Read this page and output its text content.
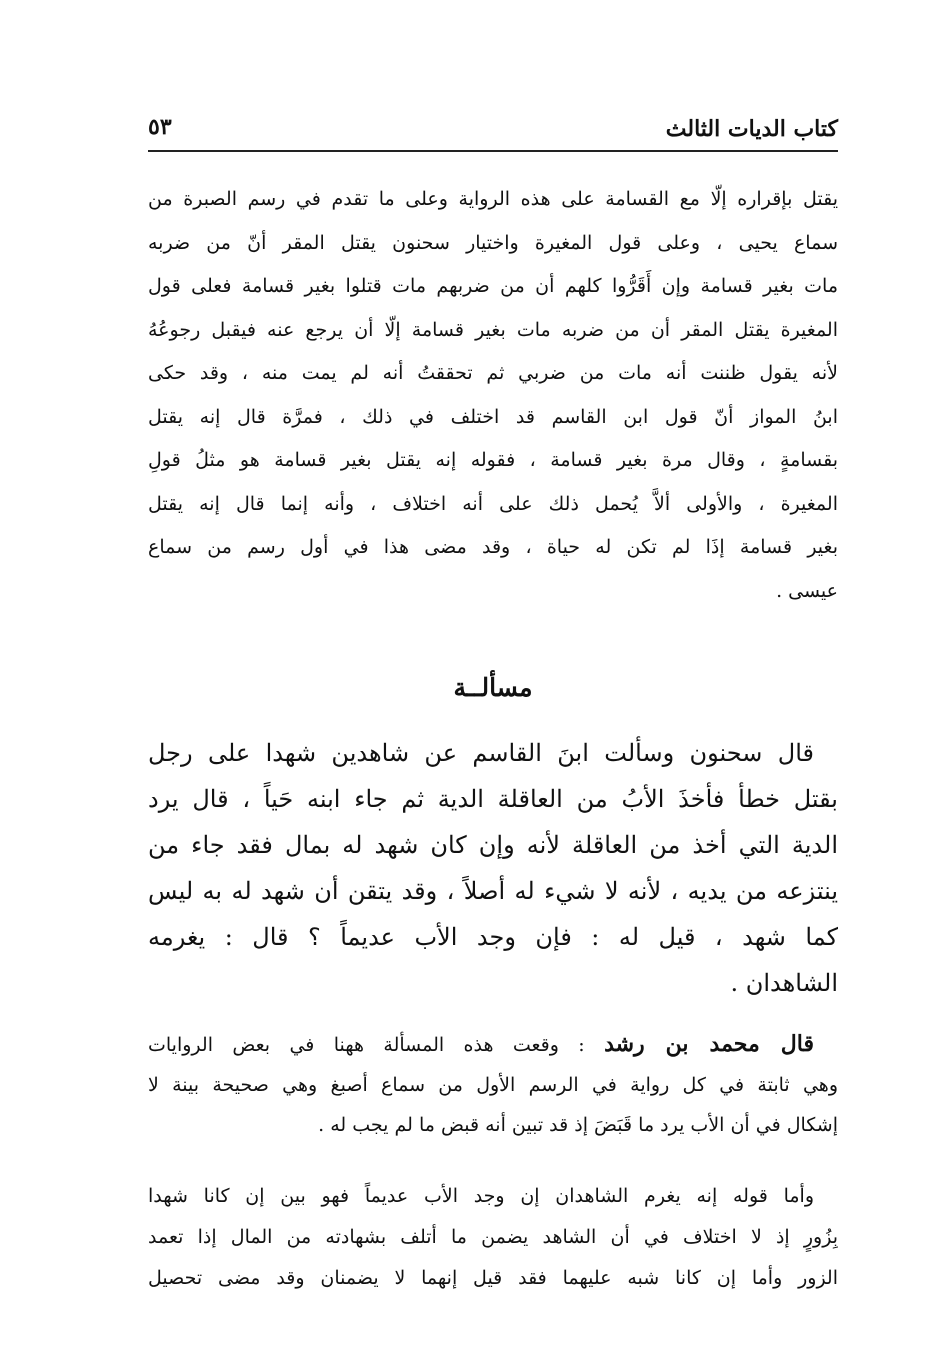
كتاب الديات الثالث
٥٣
يقتل بإقراره إلّا مع القسامة على هذه الرواية وعلى ما تقدم في رسم الصبرة من
سماع يحيى ، وعلى قول المغيرة واختيار سحنون يقتل المقر أنّ من ضربه
مات بغير قسامة وإن أَقَرُّوا كلهم أن من ضربهم مات قتلوا بغير قسامة فعلى قول
المغيرة يقتل المقر أن من ضربه مات بغير قسامة إلّا أن يرجع عنه فيقبل رجوعُهُ
لأنه يقول ظننت أنه مات من ضربي ثم تحققتُ أنه لم يمت منه ، وقد حكى
ابنُ المواز أنّ قول ابن القاسم قد اختلف في ذلك ، فمرَّة قال إنه يقتل
بقسامةٍ ، وقال مرة بغير قسامة ، فقوله إنه يقتل بغير قسامة هو مثلُ قولِ
المغيرة ، والأولى ألاَّ يُحمل ذلك على أنه اختلاف ، وأنه إنما قال إنه يقتل
بغير قسامة إذَا لم تكن له حياة ، وقد مضى هذا في أول رسم من سماع
عيسى .
مسألــة
قال سحنون وسألت ابنَ القاسم عن شاهدين شهدا على رجل
بقتل خطأ فأخذَ الأبُ من العاقلة الدية ثم جاء ابنه حَياً ، قال يرد
الدية التي أخذ من العاقلة لأنه وإن كان شهد له بمال فقد جاء من
ينتزعه من يديه ، لأنه لا شيء له أصلاً ، وقد يتقن أن شهد له به ليس
كما شهد ، قيل له : فإن وجد الأب عديماً ؟ قال : يغرمه
الشاهدان .
قال محمد بن رشد : وقعت هذه المسألة ههنا في بعض الروايات
وهي ثابتة في كل رواية في الرسم الأول من سماع أصبغ وهي صحيحة بينة لا
إشكال في أن الأب يرد ما قَبَضَ إذ قد تبين أنه قبض ما لم يجب له .
وأما قوله إنه يغرم الشاهدان إن وجد الأب عديماً فهو بين إن كانا شهدا
بِزُورٍ إذ لا اختلاف في أن الشاهد يضمن ما أتلف بشهادته من المال إذا تعمد
الزور وأما إن كانا شبه عليهما فقد قيل إنهما لا يضمنان وقد مضى تحصيل
